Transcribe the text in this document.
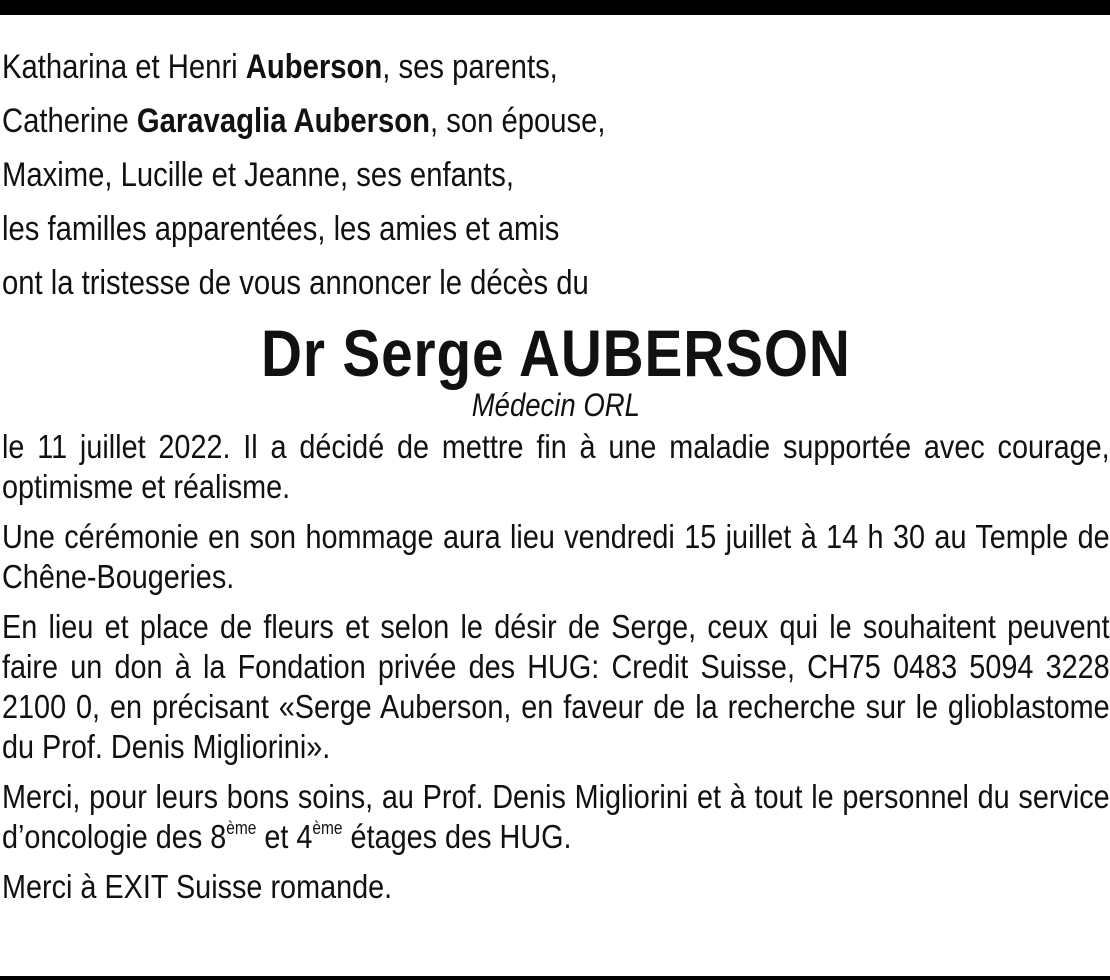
Katharina et Henri Auberson, ses parents,
Catherine Garavaglia Auberson, son épouse,
Maxime, Lucille et Jeanne, ses enfants,
les familles apparentées, les amies et amis
ont la tristesse de vous annoncer le décès du
Dr Serge AUBERSON
Médecin ORL
le 11 juillet 2022. Il a décidé de mettre fin à une maladie supportée avec courage, optimisme et réalisme.
Une cérémonie en son hommage aura lieu vendredi 15 juillet à 14 h 30 au Temple de Chêne-Bougeries.
En lieu et place de fleurs et selon le désir de Serge, ceux qui le souhaitent peuvent faire un don à la Fondation privée des HUG: Credit Suisse, CH75 0483 5094 3228 2100 0, en précisant «Serge Auberson, en faveur de la recherche sur le glioblastome du Prof. Denis Migliorini».
Merci, pour leurs bons soins, au Prof. Denis Migliorini et à tout le personnel du service d’oncologie des 8ème et 4ème étages des HUG.
Merci à EXIT Suisse romande.
